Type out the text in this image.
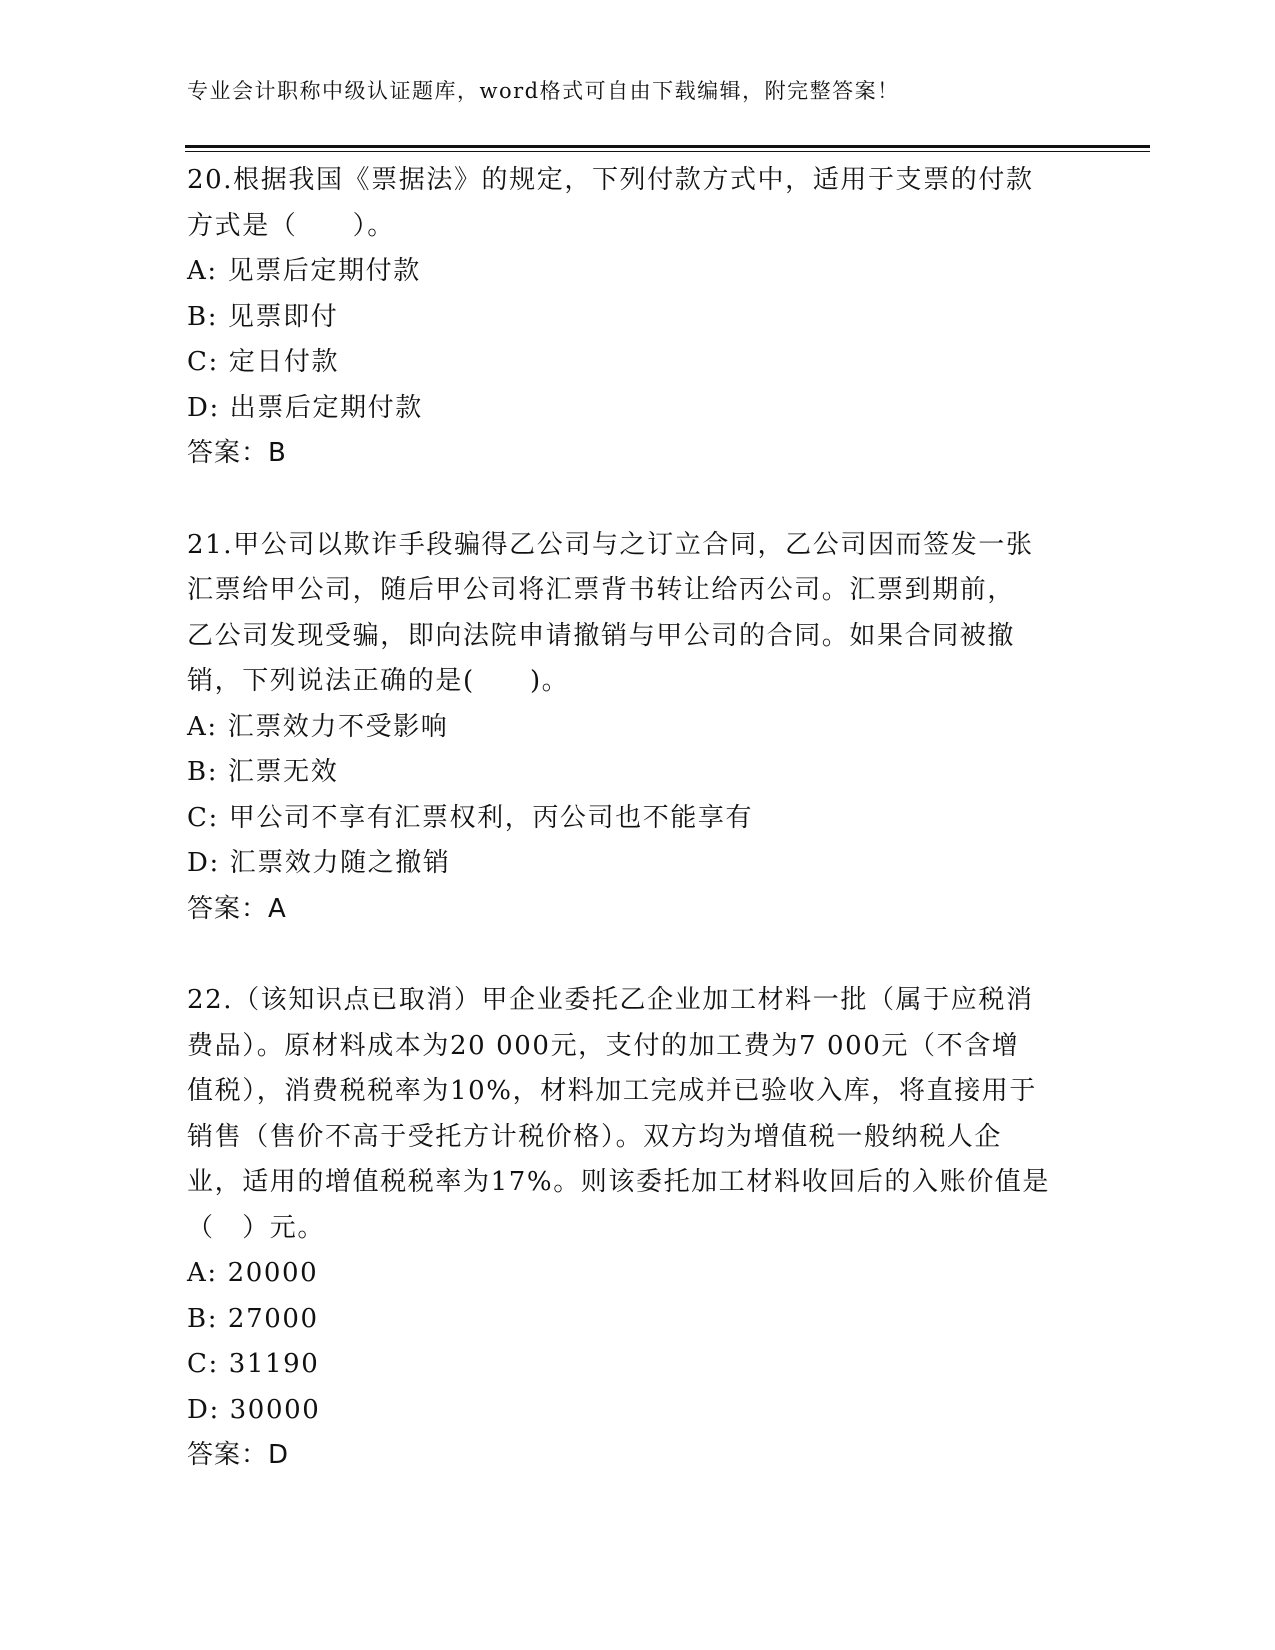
专业会计职称中级认证题库，word格式可自由下载编辑，附完整答案！
20.根据我国《票据法》的规定，下列付款方式中，适用于支票的付款
方式是（　　）。
A: 见票后定期付款
B: 见票即付
C: 定日付款
D: 出票后定期付款
答案：B
21.甲公司以欺诈手段骗得乙公司与之订立合同，乙公司因而签发一张
汇票给甲公司，随后甲公司将汇票背书转让给丙公司。汇票到期前，
乙公司发现受骗，即向法院申请撤销与甲公司的合同。如果合同被撤
销，下列说法正确的是(　　)。
A: 汇票效力不受影响
B: 汇票无效
C: 甲公司不享有汇票权利，丙公司也不能享有
D: 汇票效力随之撤销
答案：A
22.（该知识点已取消）甲企业委托乙企业加工材料一批（属于应税消
费品）。原材料成本为20 000元，支付的加工费为7 000元（不含增
值税），消费税税率为10%，材料加工完成并已验收入库，将直接用于
销售（售价不高于受托方计税价格）。双方均为增值税一般纳税人企
业，适用的增值税税率为17%。则该委托加工材料收回后的入账价值是
（　）元。
A: 20000
B: 27000
C: 31190
D: 30000
答案：D
